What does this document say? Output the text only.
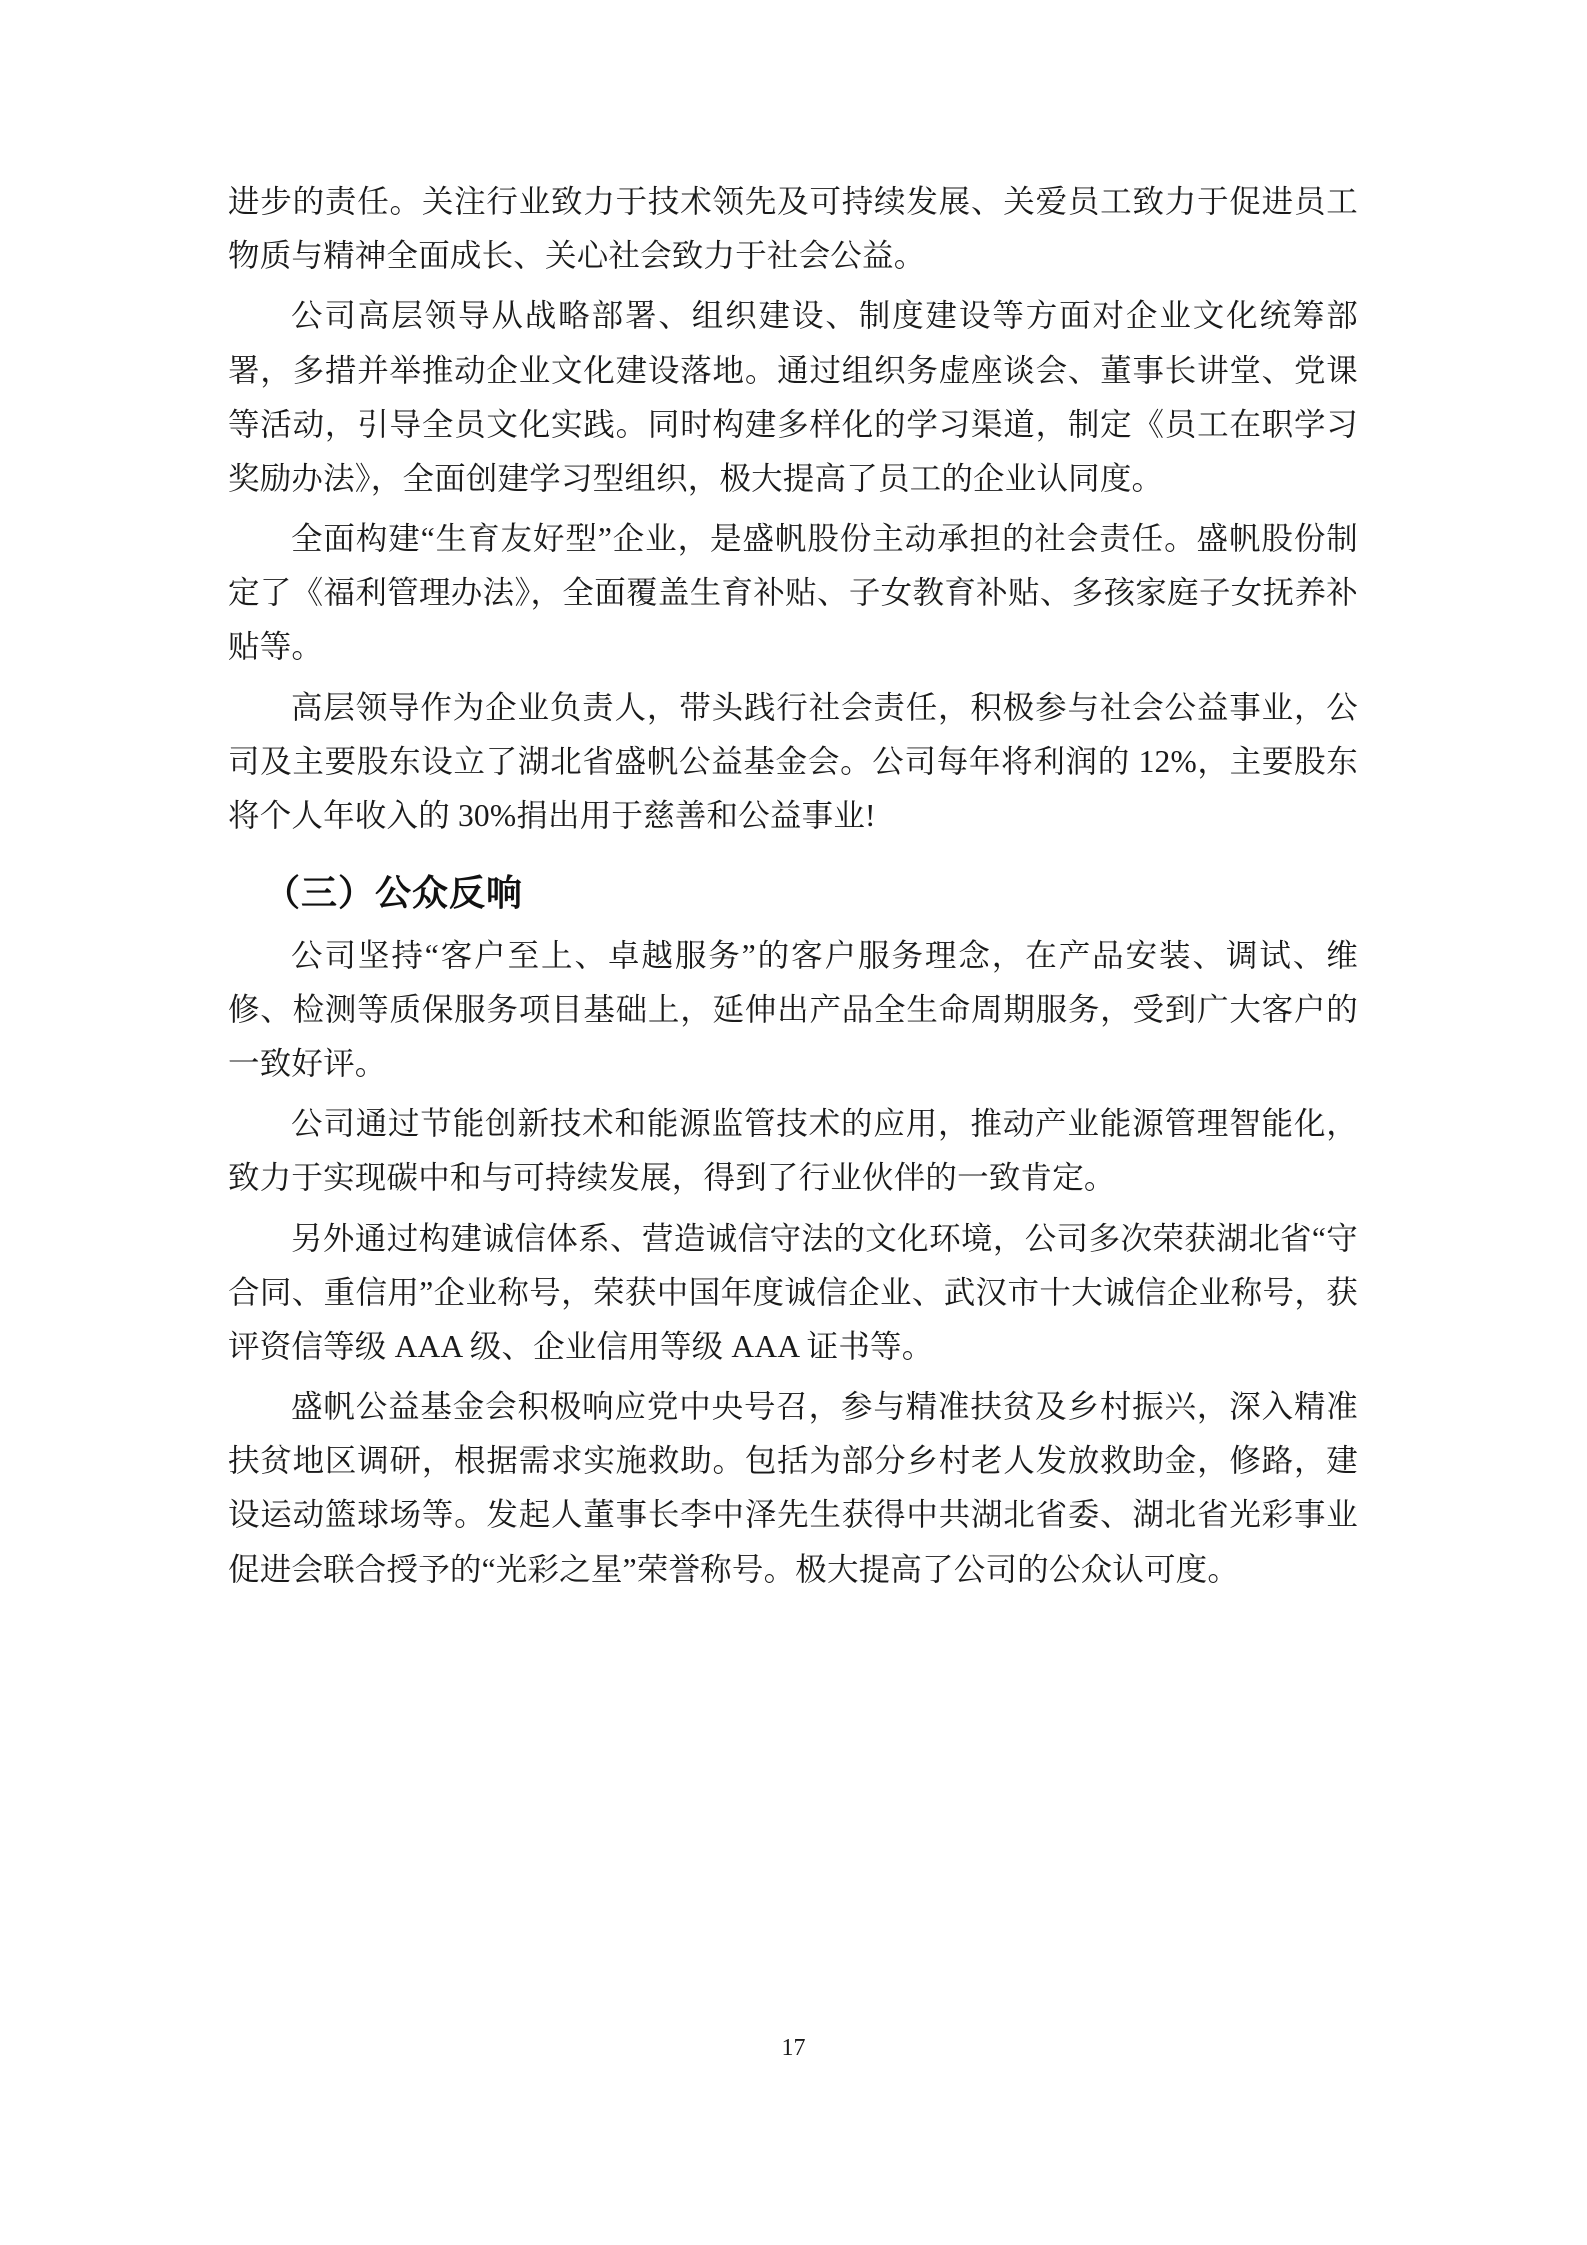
进步的责任。关注行业致力于技术领先及可持续发展、关爱员工致力于促进员工物质与精神全面成长、关心社会致力于社会公益。

公司高层领导从战略部署、组织建设、制度建设等方面对企业文化统筹部署，多措并举推动企业文化建设落地。通过组织务虚座谈会、董事长讲堂、党课等活动，引导全员文化实践。同时构建多样化的学习渠道，制定《员工在职学习奖励办法》，全面创建学习型组织，极大提高了员工的企业认同度。

全面构建“生育友好型”企业，是盛帆股份主动承担的社会责任。盛帆股份制定了《福利管理办法》，全面覆盖生育补贴、子女教育补贴、多孩家庭子女抚养补贴等。

高层领导作为企业负责人，带头践行社会责任，积极参与社会公益事业，公司及主要股东设立了湖北省盛帆公益基金会。公司每年将利润的 12%，主要股东将个人年收入的 30%捐出用于慈善和公益事业!

（三）公众反响

公司坚持“客户至上、卓越服务”的客户服务理念，在产品安装、调试、维修、检测等质保服务项目基础上，延伸出产品全生命周期服务，受到广大客户的一致好评。

公司通过节能创新技术和能源监管技术的应用，推动产业能源管理智能化，致力于实现碳中和与可持续发展，得到了行业伙伴的一致肯定。

另外通过构建诚信体系、营造诚信守法的文化环境，公司多次荣获湖北省“守合同、重信用”企业称号，荣获中国年度诚信企业、武汉市十大诚信企业称号，获评资信等级 AAA 级、企业信用等级 AAA 证书等。

盛帆公益基金会积极响应党中央号召，参与精准扶贫及乡村振兴，深入精准扶贫地区调研，根据需求实施救助。包括为部分乡村老人发放救助金，修路，建设运动篮球场等。发起人董事长李中泽先生获得中共湖北省委、湖北省光彩事业促进会联合授予的“光彩之星”荣誉称号。极大提高了公司的公众认可度。

17
